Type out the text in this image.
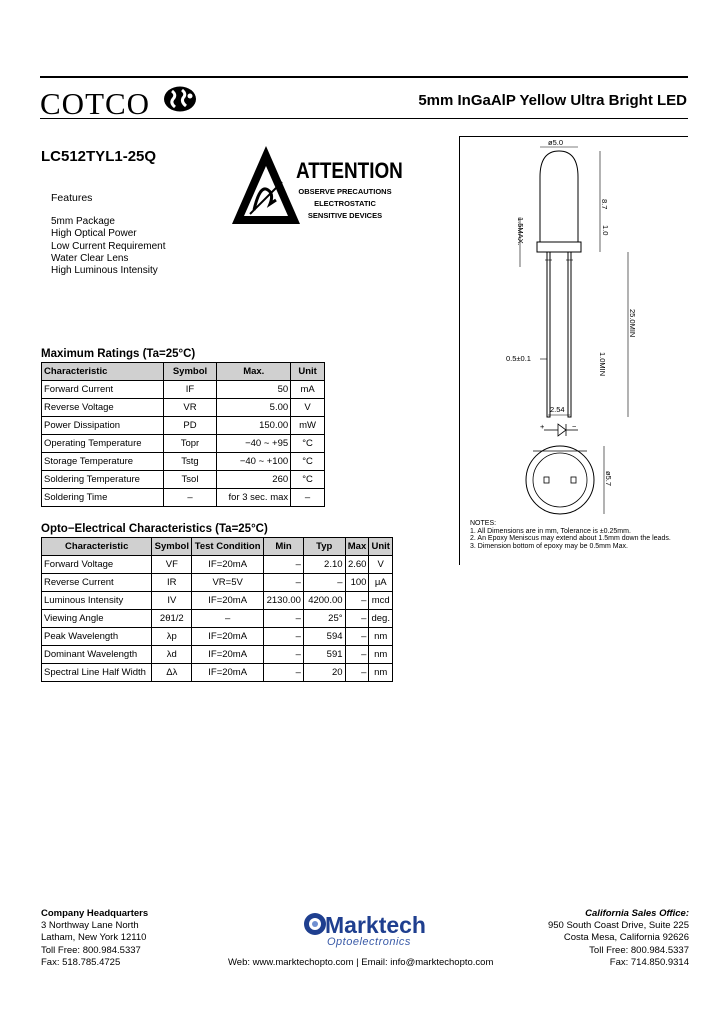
COTCO	5mm InGaAlP Yellow Ultra Bright LED
LC512TYL1-25Q
ATTENTION
OBSERVE PRECAUTIONS
ELECTROSTATIC
SENSITIVE DEVICES
Features
5mm Package
High Optical Power
Low Current Requirement
Water Clear Lens
High Luminous Intensity
Maximum Ratings (Ta=25°C)
Characteristic	Symbol	Max.	Unit
Forward Current	IF	50	mA
Reverse Voltage	VR	5.00	V
Power Dissipation	PD	150.00	mW
Operating Temperature	Topr	−40 ~ +95	°C
Storage Temperature	Tstg	−40 ~ +100	°C
Soldering Temperature	Tsol	260	°C
Soldering Time	–	for 3 sec. max	–
Opto−Electrical Characteristics (Ta=25°C)
Characteristic	Symbol	Test Condition	Min	Typ	Max	Unit
Forward Voltage	VF	IF=20mA	–	2.10	2.60	V
Reverse Current	IR	VR=5V	–	–	100	μA
Luminous Intensity	IV	IF=20mA	2130.00	4200.00	–	mcd
Viewing Angle	2θ1/2	–	–	25°	–	deg.
Peak Wavelength	λp	IF=20mA	–	594	–	nm
Dominant Wavelength	λd	IF=20mA	–	591	–	nm
Spectral Line Half Width	Δλ	IF=20mA	–	20	–	nm
ø5.0
8.7
1.5MAX.	1.0
25.0MIN
0.5±0.1	1.0MIN
2.54
+	−
ø5.7
NOTES:
1. All Dimensions are in mm, Tolerance is ±0.25mm.
2. An Epoxy Meniscus may extend about 1.5mm down the leads.
3. Dimension bottom of epoxy may be 0.5mm Max.
Company Headquarters
3 Northway Lane North
Latham, New York 12110
Toll Free: 800.984.5337
Fax: 518.785.4725
Marktech
Optoelectronics
Web: www.marktechopto.com | Email: info@marktechopto.com
California Sales Office:
950 South Coast Drive, Suite 225
Costa Mesa, California 92626
Toll Free: 800.984.5337
Fax: 714.850.9314
